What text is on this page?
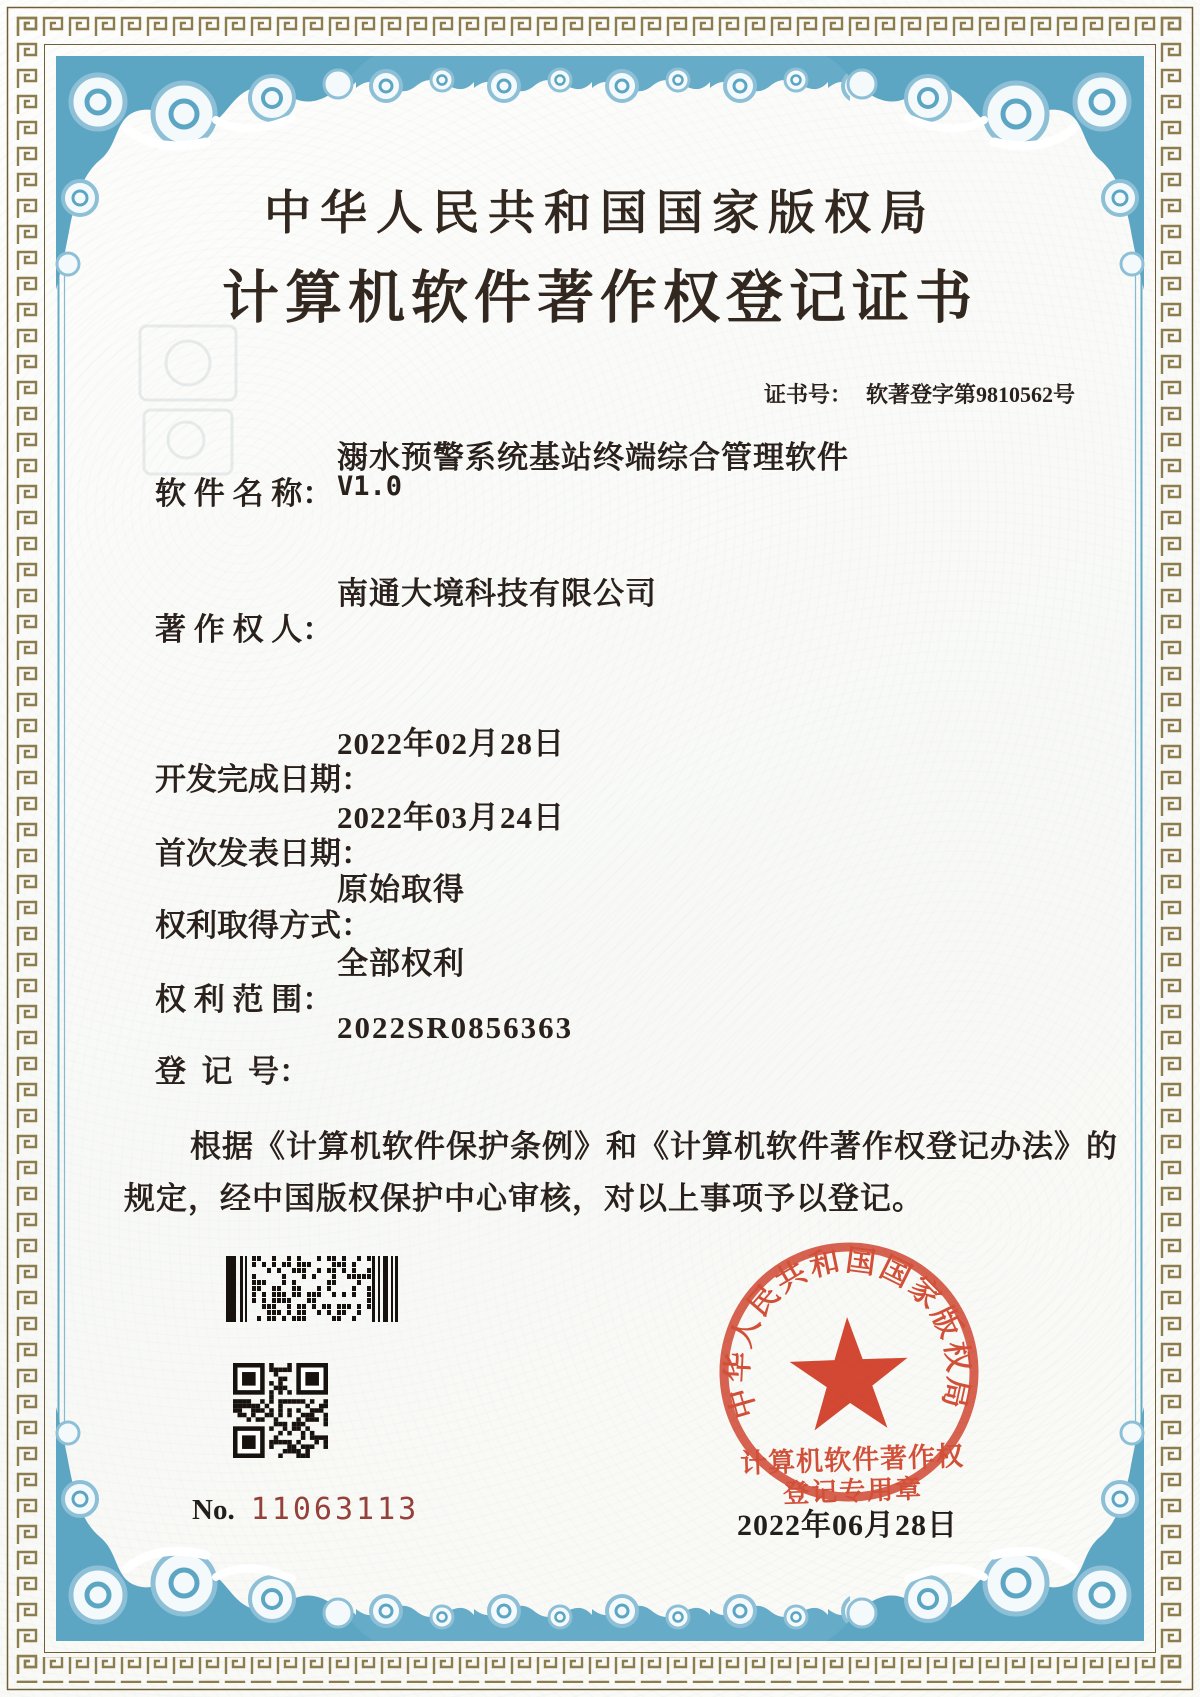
中华人民共和国国家版权局
计算机软件著作权登记证书

证书号： 软著登字第9810562号

软 件 名 称：

溺水预警系统基站终端综合管理软件

V1.0

著 作 权 人：

南通大境科技有限公司

开发完成日期：

2022年02月28日

首次发表日期：

2022年03月24日

权利取得方式：

原始取得

权 利 范 围：

全部权利

登  记  号：

2022SR0856363

根据《计算机软件保护条例》和《计算机软件著作权登记办法》的
规定，经中国版权保护中心审核，对以上事项予以登记。
No. 11063113
中华人民共和国国家版权局
计算机软件著作权
登记专用章
2022年06月28日
